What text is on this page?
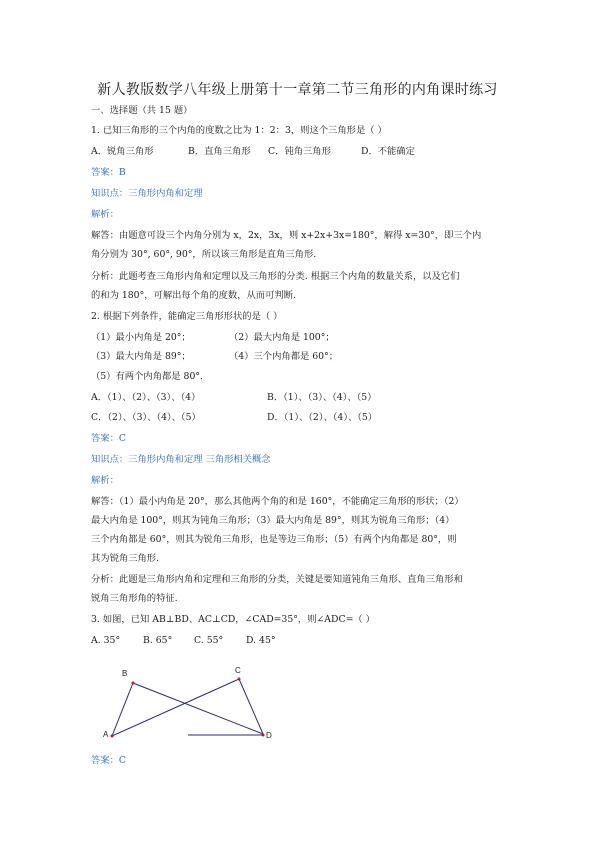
新人教版数学八年级上册第十一章第二节三角形的内角课时练习
一、选择题（共 15 题）
1. 已知三角形的三个内角的度数之比为 1：2：3，则这个三角形是（ ）
A．锐角三角形	B．直角三角形 C．钝角三角形	D．不能确定
答案：B
知识点：三角形内角和定理
解析：
解答：由题意可设三个内角分别为 x，2x，3x，则 x+2x+3x=180°，解得 x=30°，即三个内
角分别为 30°, 60°, 90°，所以该三角形是直角三角形.
分析：此题考查三角形内角和定理以及三角形的分类. 根据三个内角的数量关系，以及它们
的和为 180°，可解出每个角的度数，从而可判断.
2. 根据下列条件，能确定三角形形状的是（ ）
（1）最小内角是 20°；	（2）最大内角是 100°；
（3）最大内角是 89°；	（4）三个内角都是 60°；
（5）有两个内角都是 80°．
A．（1）、（2）、（3）、（4）	B．（1）、（3）、（4）、（5）
C．（2）、（3）、（4）、（5）	D．（1）、（2）、（4）、（5）
答案：C
知识点：三角形内角和定理 三角形相关概念
解析：
解答：（1）最小内角是 20°，那么其他两个角的和是 160°，不能确定三角形的形状；（2）
最大内角是 100°，则其为钝角三角形；（3）最大内角是 89°，则其为锐角三角形；（4）
三个内角都是 60°，则其为锐角三角形，也是等边三角形；（5）有两个内角都是 80°，则
其为锐角三角形.
分析：此题是三角形内角和定理和三角形的分类，关键是要知道钝角三角形、直角三角形和
锐角三角形角的特征.
3. 如图，已知 AB⊥BD、AC⊥CD，∠CAD=35°，则∠ADC=（ ）
A. 35° B. 65° C. 55° D. 45°
A
B	C
D
答案：C
